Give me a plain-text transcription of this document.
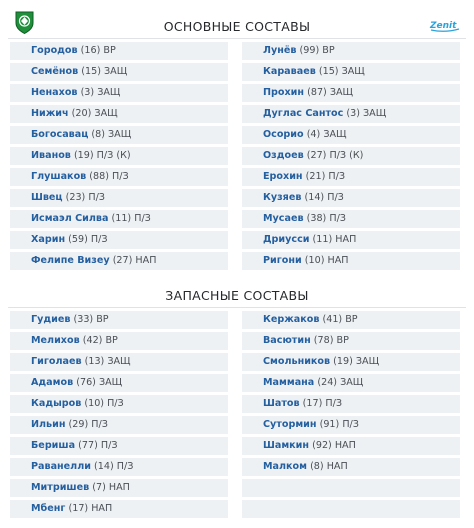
ОСНОВНЫЕ СОСТАВЫ	Zenit
Городов (16) ВР
Семёнов (15) ЗАЩ
Ненахов (3) ЗАЩ
Нижич (20) ЗАЩ
Богосавац (8) ЗАЩ
Иванов (19) П/З (К)
Глушаков (88) П/З
Швец (23) П/З
Исмаэл Силва (11) П/З
Харин (59) П/З
Фелипе Визеу (27) НАП
Лунёв (99) ВР
Караваев (15) ЗАЩ
Прохин (87) ЗАЩ
Дуглас Сантос (3) ЗАЩ
Осорио (4) ЗАЩ
Оздоев (27) П/З (К)
Ерохин (21) П/З
Кузяев (14) П/З
Мусаев (38) П/З
Дриусси (11) НАП
Ригони (10) НАП
ЗАПАСНЫЕ СОСТАВЫ
Гудиев (33) ВР
Мелихов (42) ВР
Гиголаев (13) ЗАЩ
Адамов (76) ЗАЩ
Кадыров (10) П/З
Ильин (29) П/З
Бериша (77) П/З
Раванелли (14) П/З
Митришев (7) НАП
Мбенг (17) НАП
Кержаков (41) ВР
Васютин (78) ВР
Смольников (19) ЗАЩ
Маммана (24) ЗАЩ
Шатов (17) П/З
Сутормин (91) П/З
Шамкин (92) НАП
Малком (8) НАП
